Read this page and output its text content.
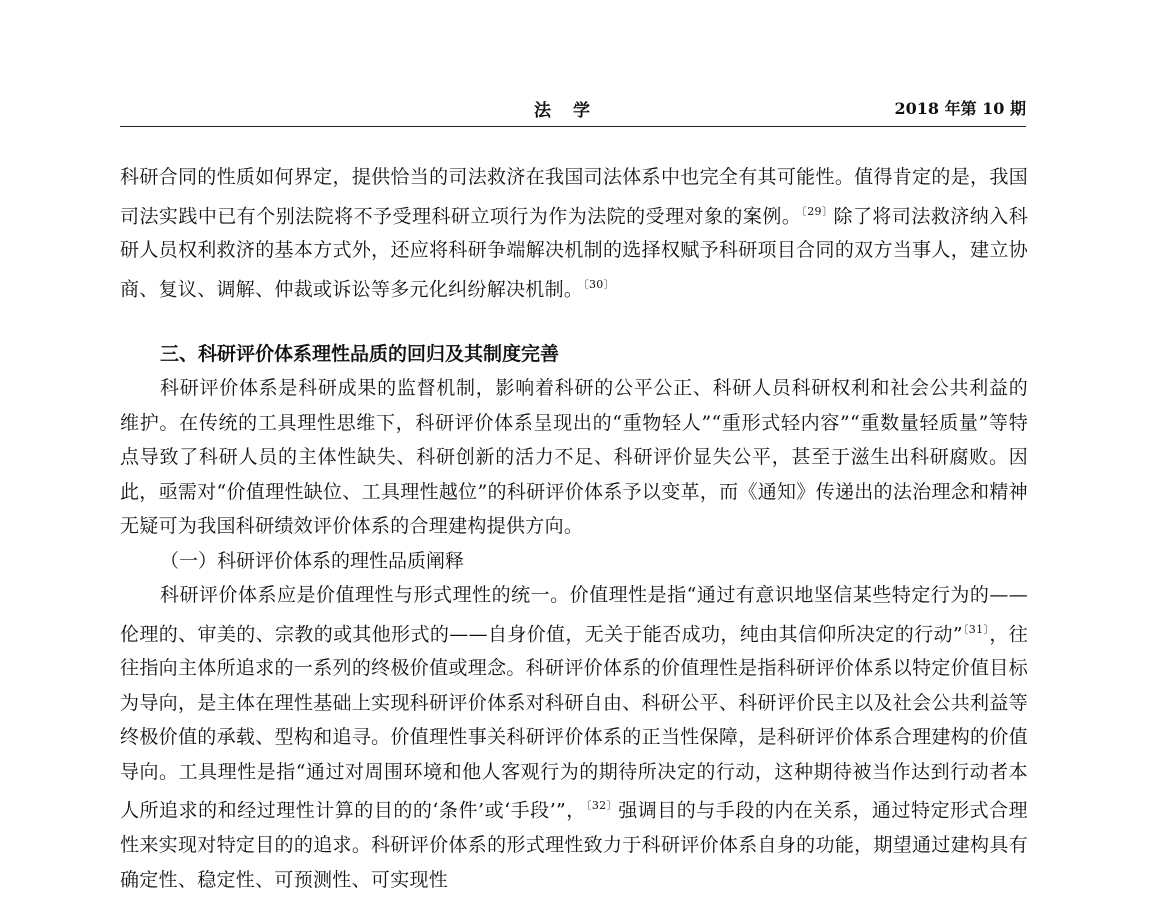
法学	2018 年第 10 期

科研合同的性质如何界定，提供恰当的司法救济在我国司法体系中也完全有其可能性。值得肯定的是，我国司法实践中已有个别法院将不予受理科研立项行为作为法院的受理对象的案例。$^{〔29〕}$除了将司法救济纳入科研人员权利救济的基本方式外，还应将科研争端解决机制的选择权赋予科研项目合同的双方当事人，建立协商、复议、调解、仲裁或诉讼等多元化纠纷解决机制。$^{〔30〕}$

三、科研评价体系理性品质的回归及其制度完善

科研评价体系是科研成果的监督机制，影响着科研的公平公正、科研人员科研权利和社会公共利益的维护。在传统的工具理性思维下，科研评价体系呈现出的“重物轻人”“重形式轻内容”“重数量轻质量”等特点导致了科研人员的主体性缺失、科研创新的活力不足、科研评价显失公平，甚至于滋生出科研腐败。因此，亟需对“价值理性缺位、工具理性越位”的科研评价体系予以变革，而《通知》传递出的法治理念和精神无疑可为我国科研绩效评价体系的合理建构提供方向。

（一）科研评价体系的理性品质阐释

科研评价体系应是价值理性与形式理性的统一。价值理性是指“通过有意识地坚信某些特定行为的——伦理的、审美的、宗教的或其他形式的——自身价值，无关于能否成功，纯由其信仰所决定的行动”$^{〔31〕}$，往往指向主体所追求的一系列的终极价值或理念。科研评价体系的价值理性是指科研评价体系以特定价值目标为导向，是主体在理性基础上实现科研评价体系对科研自由、科研公平、科研评价民主以及社会公共利益等终极价值的承载、型构和追寻。价值理性事关科研评价体系的正当性保障，是科研评价体系合理建构的价值导向。工具理性是指“通过对周围环境和他人客观行为的期待所决定的行动，这种期待被当作达到行动者本人所追求的和经过理性计算的目的的‘条件’或‘手段’”，$^{〔32〕}$强调目的与手段的内在关系，通过特定形式合理性来实现对特定目的的追求。科研评价体系的形式理性致力于科研评价体系自身的功能，期望通过建构具有确定性、稳定性、可预测性、可实现性
